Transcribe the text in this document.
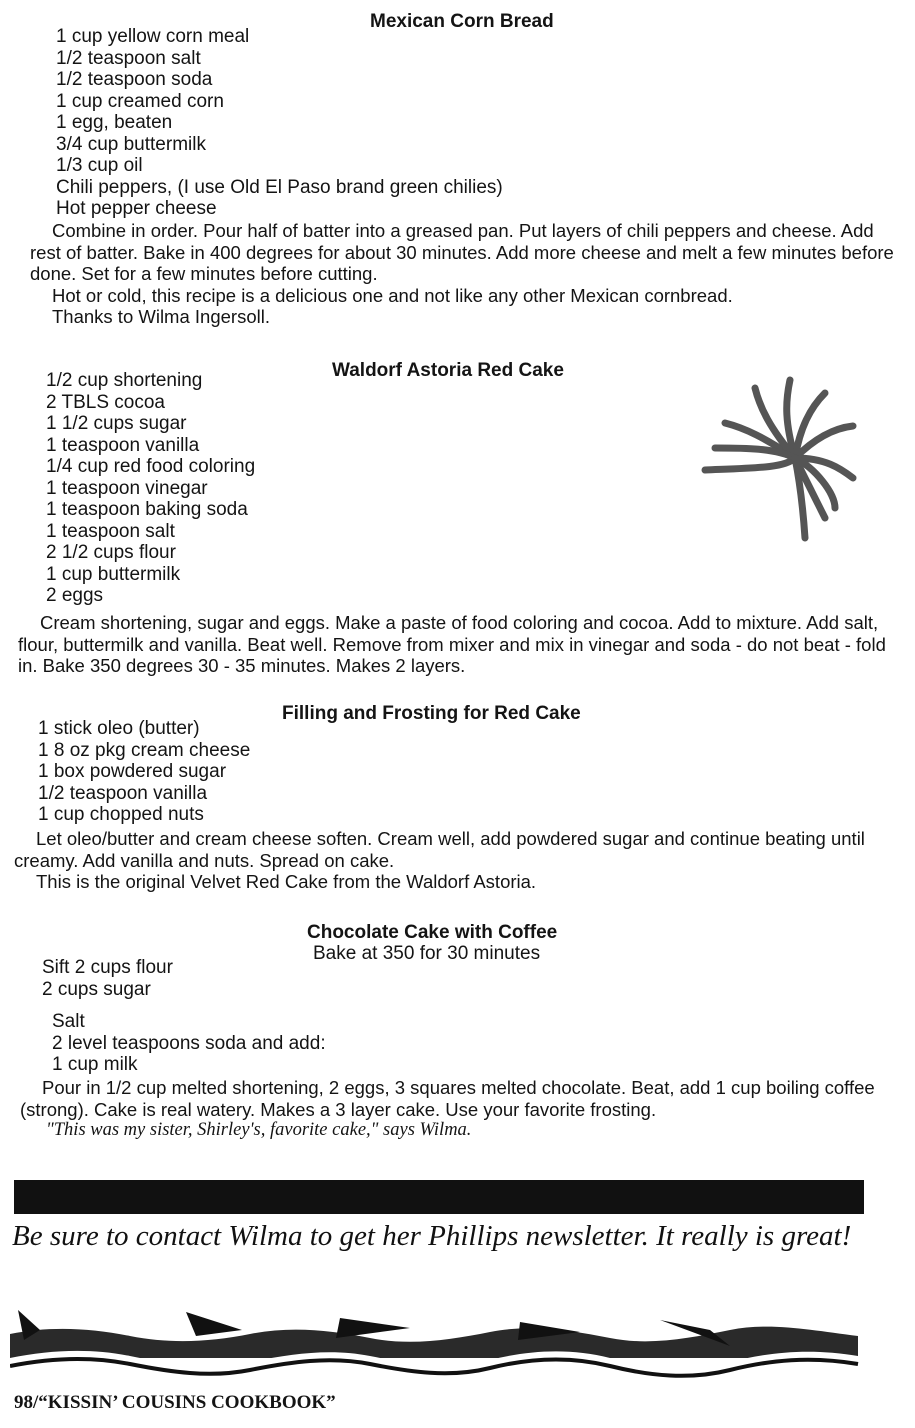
Mexican Corn Bread
1 cup yellow corn meal
1/2 teaspoon salt
1/2 teaspoon soda
1 cup creamed corn
1 egg, beaten
3/4 cup buttermilk
1/3 cup oil
Chili peppers, (I use Old El Paso brand green chilies)
Hot pepper cheese

Combine in order. Pour half of batter into a greased pan. Put layers of chili peppers and cheese. Add rest of batter. Bake in 400 degrees for about 30 minutes. Add more cheese and melt a few minutes before done. Set for a few minutes before cutting.

Hot or cold, this recipe is a delicious one and not like any other Mexican cornbread.

Thanks to Wilma Ingersoll.

Waldorf Astoria Red Cake
1/2 cup shortening
2 TBLS cocoa
1 1/2 cups sugar
1 teaspoon vanilla
1/4 cup red food coloring
1 teaspoon vinegar
1 teaspoon baking soda
1 teaspoon salt
2 1/2 cups flour
1 cup buttermilk
2 eggs

Cream shortening, sugar and eggs. Make a paste of food coloring and cocoa. Add to mixture. Add salt, flour, buttermilk and vanilla. Beat well. Remove from mixer and mix in vinegar and soda - do not beat - fold in. Bake 350 degrees 30 - 35 minutes. Makes 2 layers.

Filling and Frosting for Red Cake
1 stick oleo (butter)
1 8 oz pkg cream cheese
1 box powdered sugar
1/2 teaspoon vanilla
1 cup chopped nuts

Let oleo/butter and cream cheese soften. Cream well, add powdered sugar and continue beating until creamy. Add vanilla and nuts. Spread on cake.

This is the original Velvet Red Cake from the Waldorf Astoria.

Chocolate Cake with Coffee
Bake at 350 for 30 minutes
Sift 2 cups flour
2 cups sugar
Salt
2 level teaspoons soda and add:
1 cup milk

Pour in 1/2 cup melted shortening, 2 eggs, 3 squares melted chocolate. Beat, add 1 cup boiling coffee (strong). Cake is real watery. Makes a 3 layer cake. Use your favorite frosting.

"This was my sister, Shirley's, favorite cake," says Wilma.

Be sure to contact Wilma to get her Phillips newsletter. It really is great!
98/“KISSIN’ COUSINS COOKBOOK”
